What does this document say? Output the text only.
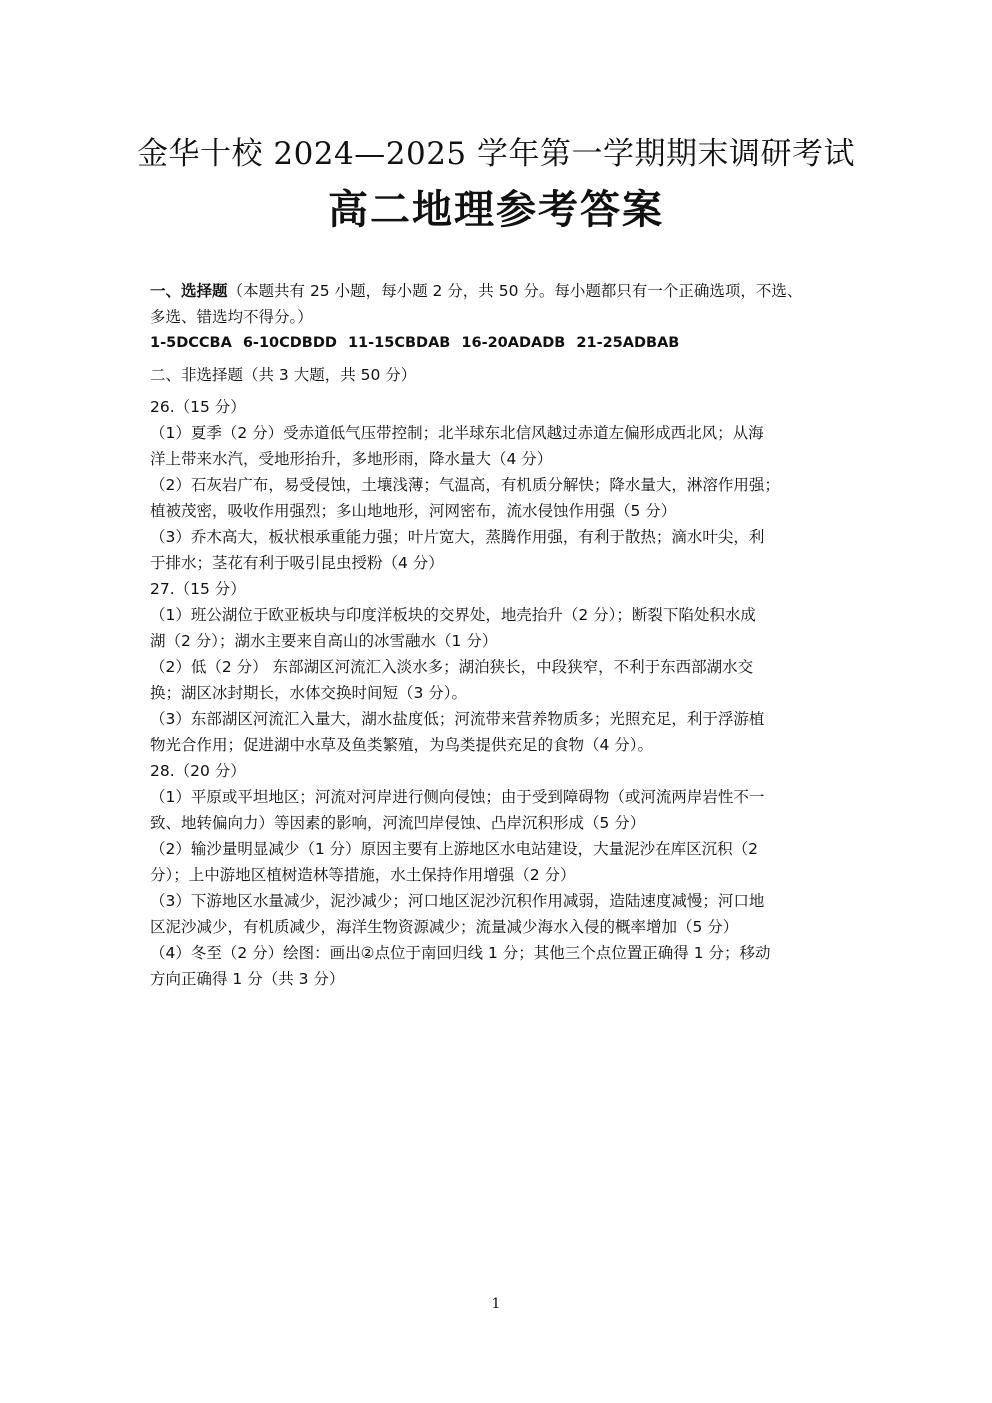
金华十校 2024—2025 学年第一学期期末调研考试
高二地理参考答案

一、选择题（本题共有 25 小题，每小题 2 分，共 50 分。每小题都只有一个正确选项，不选、

多选、错选均不得分。）

1-5DCCBA 6-10CDBDD 11-15CBDAB 16-20ADADB 21-25ADBAB

二、非选择题（共 3 大题，共 50 分）

26.（15 分）

（1）夏季（2 分）受赤道低气压带控制；北半球东北信风越过赤道左偏形成西北风；从海

洋上带来水汽，受地形抬升，多地形雨，降水量大（4 分）

（2）石灰岩广布，易受侵蚀，土壤浅薄；气温高，有机质分解快；降水量大，淋溶作用强；

植被茂密，吸收作用强烈；多山地地形，河网密布，流水侵蚀作用强（5 分）

（3）乔木高大，板状根承重能力强；叶片宽大，蒸腾作用强，有利于散热；滴水叶尖，利

于排水；茎花有利于吸引昆虫授粉（4 分）

27.（15 分）

（1）班公湖位于欧亚板块与印度洋板块的交界处，地壳抬升（2 分）；断裂下陷处积水成

湖（2 分）；湖水主要来自高山的冰雪融水（1 分）

（2）低（2 分） 东部湖区河流汇入淡水多；湖泊狭长，中段狭窄，不利于东西部湖水交

换；湖区冰封期长，水体交换时间短（3 分）。

（3）东部湖区河流汇入量大，湖水盐度低；河流带来营养物质多；光照充足，利于浮游植

物光合作用；促进湖中水草及鱼类繁殖，为鸟类提供充足的食物（4 分）。

28.（20 分）

（1）平原或平坦地区；河流对河岸进行侧向侵蚀；由于受到障碍物（或河流两岸岩性不一

致、地转偏向力）等因素的影响，河流凹岸侵蚀、凸岸沉积形成（5 分）

（2）输沙量明显减少（1 分）原因主要有上游地区水电站建设，大量泥沙在库区沉积（2

分）；上中游地区植树造林等措施，水土保持作用增强（2 分）

（3）下游地区水量减少，泥沙减少；河口地区泥沙沉积作用减弱，造陆速度减慢；河口地

区泥沙减少，有机质减少，海洋生物资源减少；流量减少海水入侵的概率增加（5 分）

（4）冬至（2 分）绘图：画出②点位于南回归线 1 分；其他三个点位置正确得 1 分；移动

方向正确得 1 分（共 3 分）

1
